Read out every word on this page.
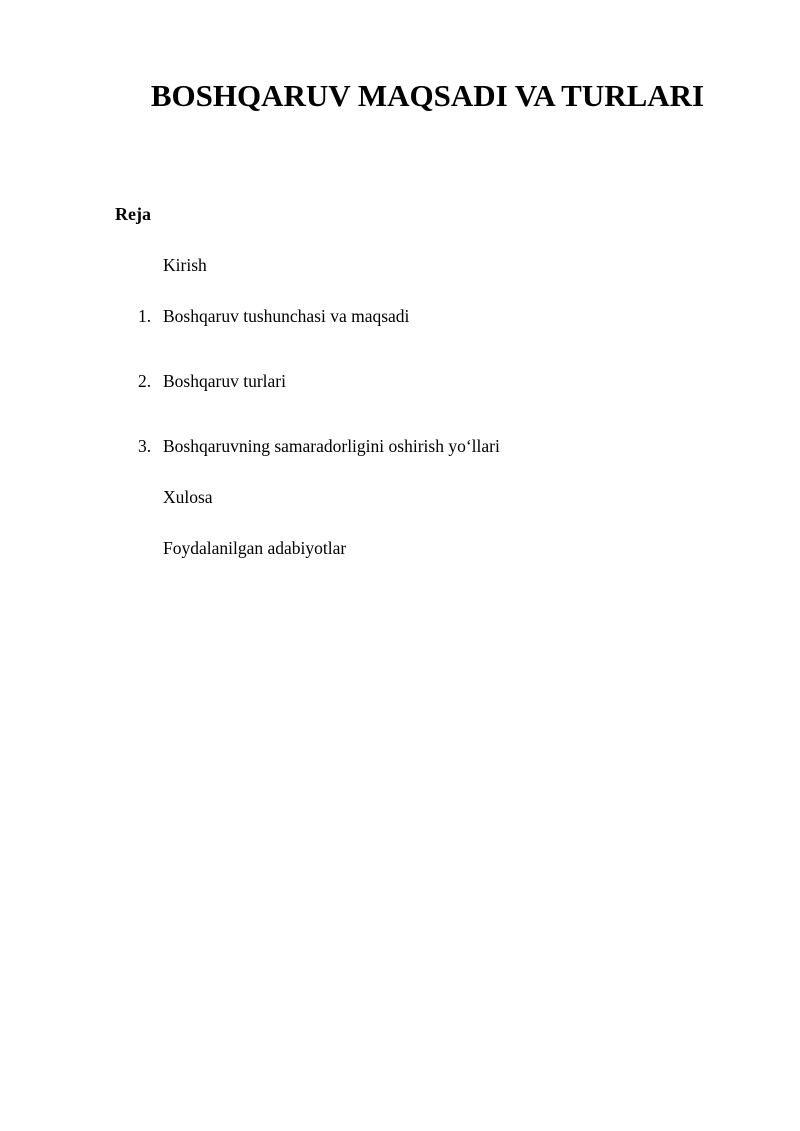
BOSHQARUV MAQSADI VA TURLARI
Reja
Kirish
1. Boshqaruv tushunchasi va maqsadi
2. Boshqaruv turlari
3. Boshqaruvning samaradorligini oshirish yo‘llari
Xulosa
Foydalanilgan adabiyotlar
